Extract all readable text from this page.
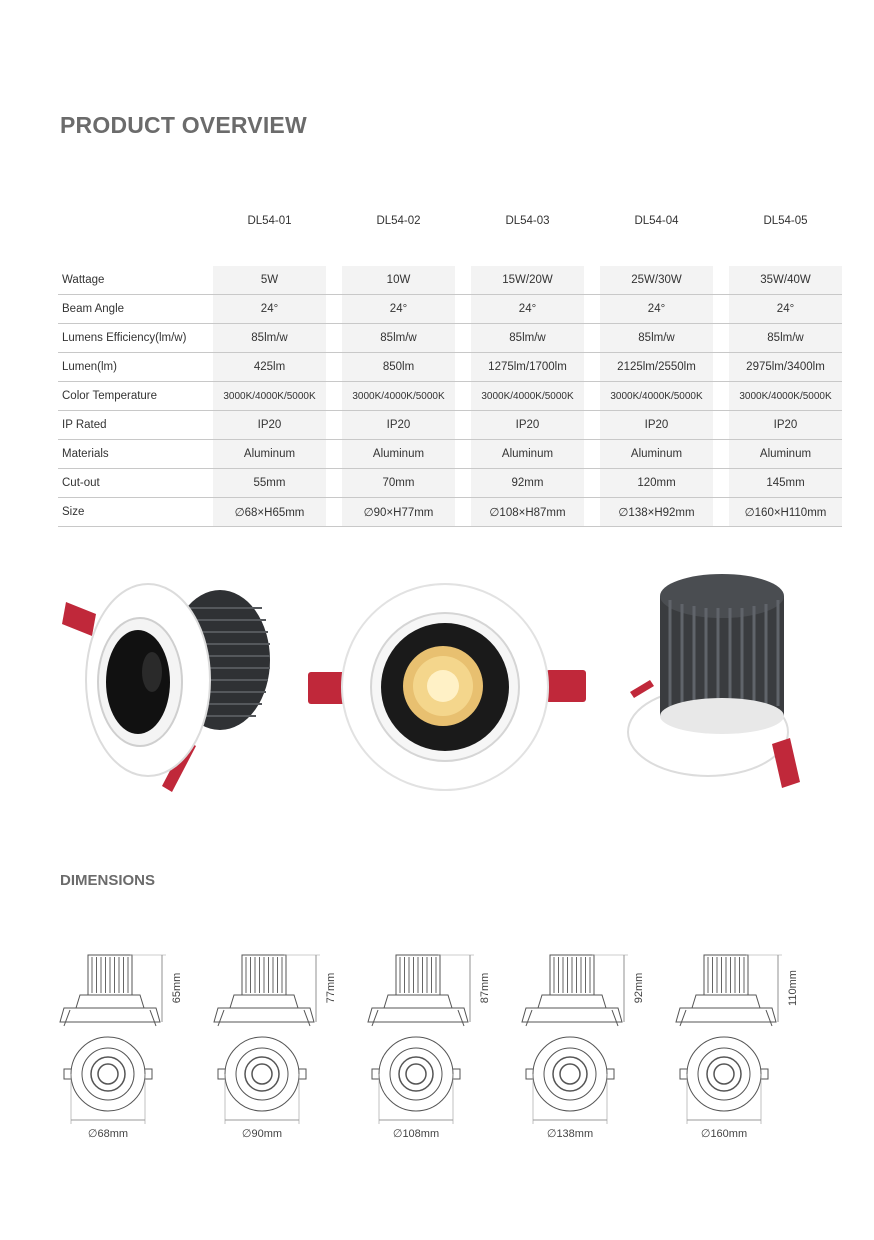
PRODUCT OVERVIEW
	DL54-01		DL54-02		DL54-03		DL54-04		DL54-05

Wattage	5W		10W		15W/20W		25W/30W		35W/40W
Beam Angle	24°		24°		24°		24°		24°
Lumens Efficiency(lm/w)	85lm/w		85lm/w		85lm/w		85lm/w		85lm/w
Lumen(lm)	425lm		850lm		1275lm/1700lm		2125lm/2550lm		2975lm/3400lm
Color Temperature	3000K/4000K/5000K		3000K/4000K/5000K		3000K/4000K/5000K		3000K/4000K/5000K		3000K/4000K/5000K
IP Rated	IP20		IP20		IP20		IP20		IP20
Materials	Aluminum		Aluminum		Aluminum		Aluminum		Aluminum
Cut-out	55mm		70mm		92mm		120mm		145mm
Size	∅68×H65mm		∅90×H77mm		∅108×H87mm		∅138×H92mm		∅160×H110mm
DIMENSIONS
65mm
∅68mm
77mm
∅90mm
87mm
∅108mm
92mm
∅138mm
110mm
∅160mm
